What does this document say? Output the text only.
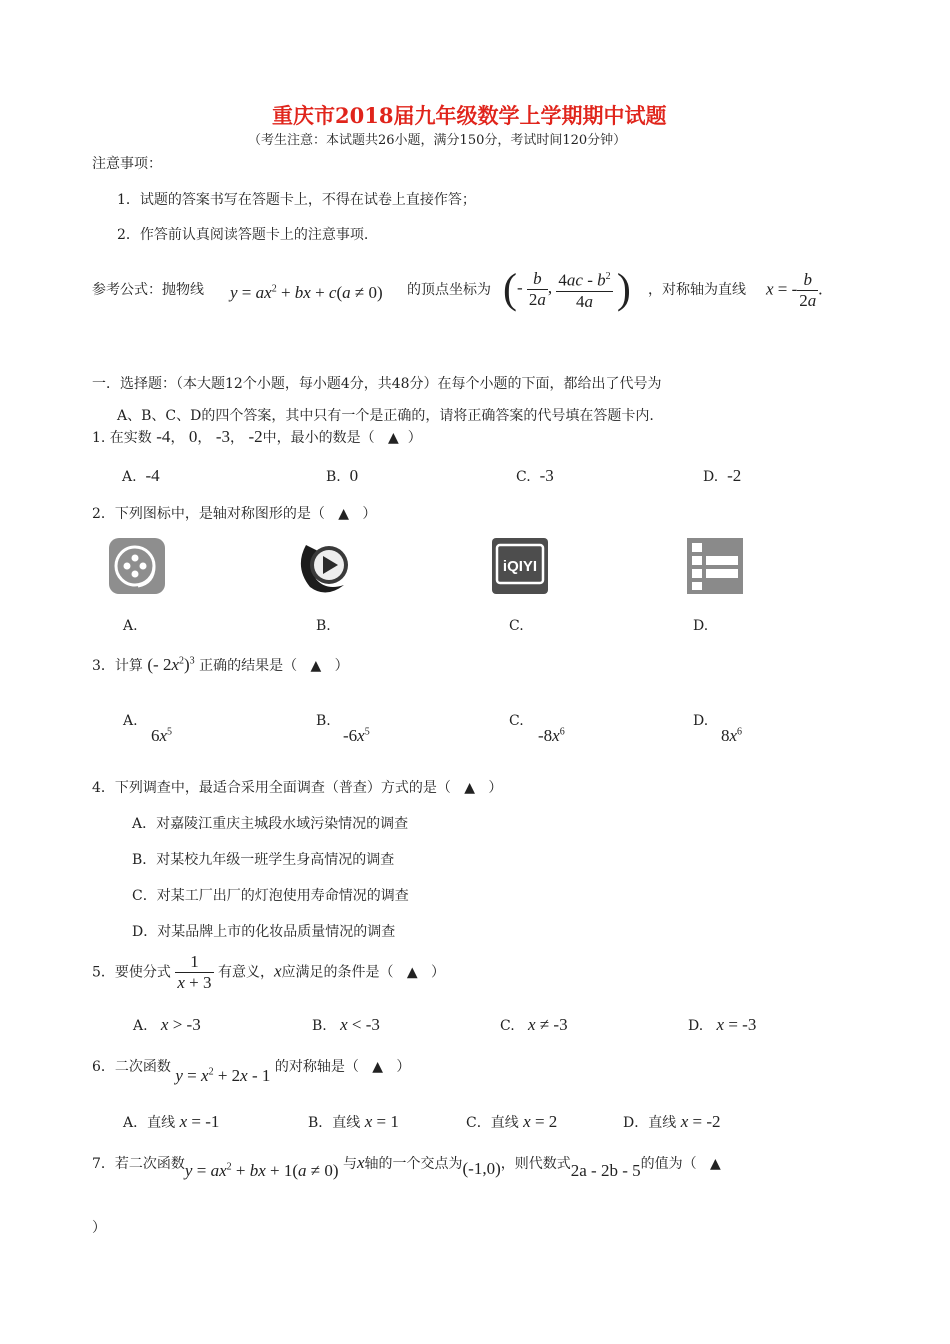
重庆市2018届九年级数学上学期期中试题
（考生注意：本试题共26小题，满分150分，考试时间120分钟）
注意事项：
1．试题的答案书写在答题卡上，不得在试卷上直接作答；
2．作答前认真阅读答题卡上的注意事项.
参考公式：抛物线 $y = ax^2$ + bx + c(a ≠ 0) 的顶点坐标为 (- $\frac{b}{2a}$ , $\frac{4ac - b^2}{4a}$ ) ，对称轴为直线 x = - $\frac{b}{2a}$ .
一．选择题：（本大题12个小题，每小题4分，共48分）在每个小题的下面，都给出了代号为
A、B、C、D的四个答案，其中只有一个是正确的，请将正确答案的代号填在答题卡内.
1. 在实数 -4， 0， -3， -2中，最小的数是（ ▲ ）
A. -4	B. 0	C. -3	D. -2
2．下列图标中，是轴对称图形的是（ ▲ ）
iQIYI
A.	B.	C.	D.
3．计算 (- $2x^2)^3$ 正确的结果是（ ▲ ）
A.
$6x^5$
B.
$-6x^5$
C.
$-8x^6$
D.
$8x^6$
4．下列调查中，最适合采用全面调查（普查）方式的是（ ▲ ）
A．对嘉陵江重庆主城段水域污染情况的调查
B．对某校九年级一班学生身高情况的调查
C．对某工厂出厂的灯泡使用寿命情况的调查
D．对某品牌上市的化妆品质量情况的调查
5．要使分式 $\frac{1}{x + 3}$ 有意义，x应满足的条件是（ ▲ ）
A. x > -3	B. x < -3	C. x ≠ -3	D. x = -3
6．二次函数 $y = x^2 + 2x - 1$ 的对称轴是（ ▲ ）
A．直线 x = -1	B．直线 x = 1	C．直线 x = 2	D．直线 x = -2
7．若二次函数$y = ax^2$ + bx + 1(a ≠ 0) 与x轴的一个交点为(-1,0)，则代数式2a - 2b - 5的值为（ ▲
）
